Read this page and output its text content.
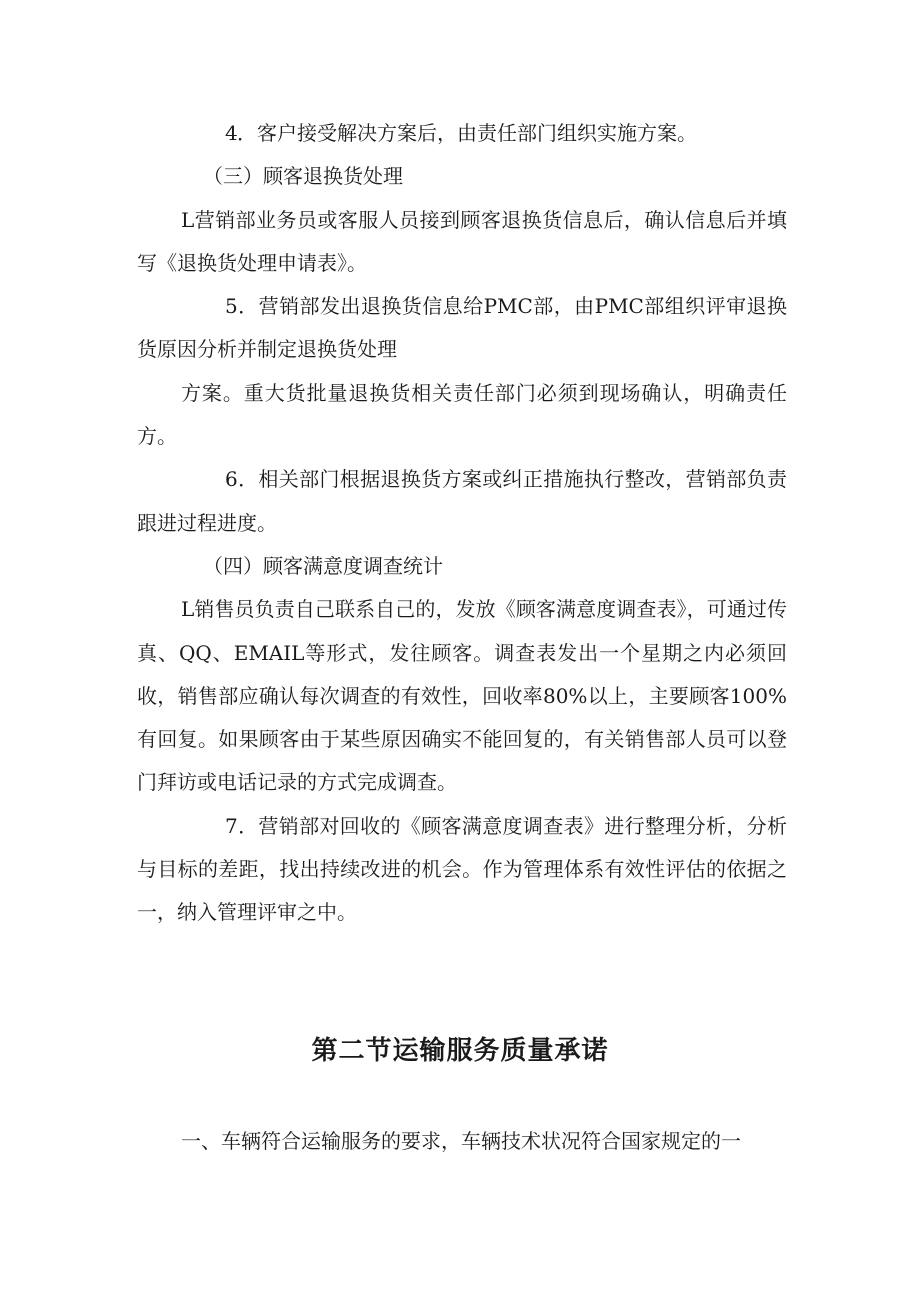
4．客户接受解决方案后，由责任部门组织实施方案。

（三）顾客退换货处理

L营销部业务员或客服人员接到顾客退换货信息后，确认信息后并填写《退换货处理申请表》。

5．营销部发出退换货信息给PMC部，由PMC部组织评审退换货原因分析并制定退换货处理

方案。重大货批量退换货相关责任部门必须到现场确认，明确责任方。

6．相关部门根据退换货方案或纠正措施执行整改，营销部负责跟进过程进度。

（四）顾客满意度调查统计

L销售员负责自己联系自己的，发放《顾客满意度调查表》，可通过传真、QQ、EMAIL等形式，发往顾客。调查表发出一个星期之内必须回收，销售部应确认每次调查的有效性，回收率80%以上，主要顾客100%有回复。如果顾客由于某些原因确实不能回复的，有关销售部人员可以登门拜访或电话记录的方式完成调查。

7．营销部对回收的《顾客满意度调查表》进行整理分析，分析与目标的差距，找出持续改进的机会。作为管理体系有效性评估的依据之一，纳入管理评审之中。

第二节运输服务质量承诺

一、车辆符合运输服务的要求，车辆技术状况符合国家规定的一
